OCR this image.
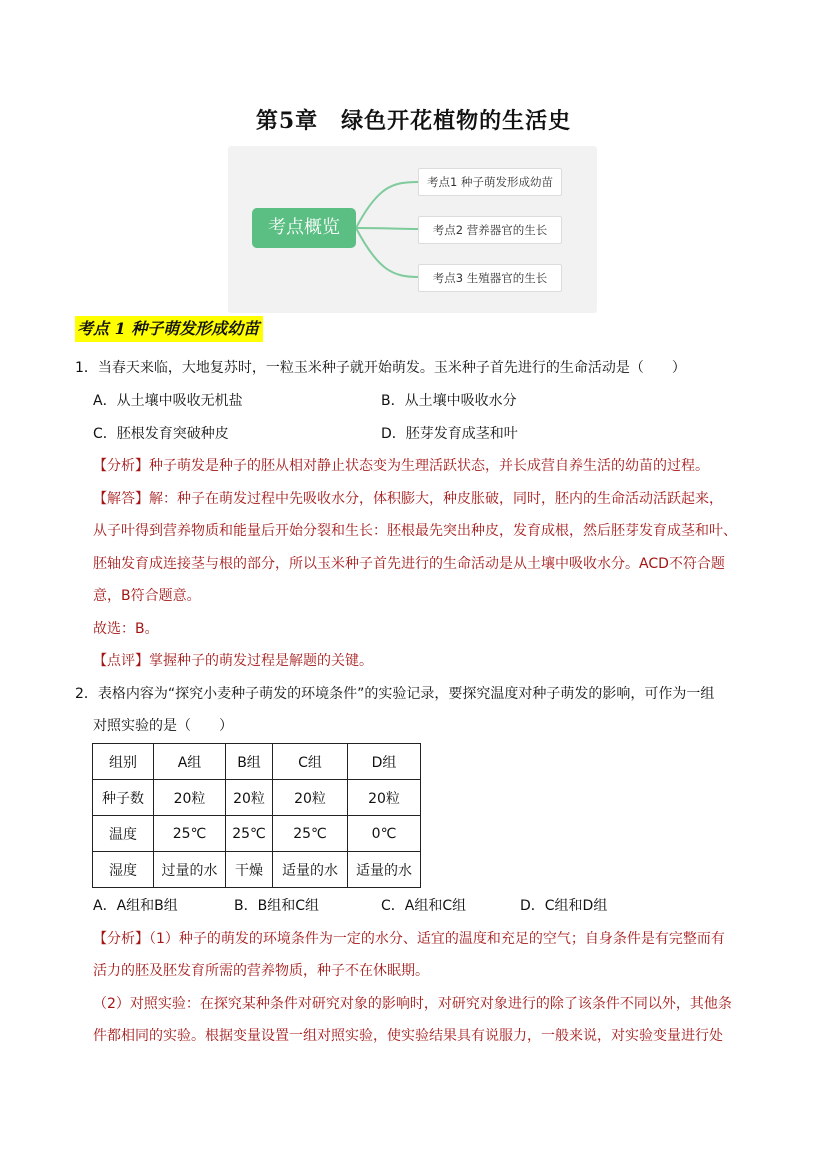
第5章　绿色开花植物的生活史
考点概览
考点1 种子萌发形成幼苗
考点2 营养器官的生长
考点3 生殖器官的生长
考点 1 种子萌发形成幼苗
1．当春天来临，大地复苏时，一粒玉米种子就开始萌发。玉米种子首先进行的生命活动是（　　）
A．从土壤中吸收无机盐	B．从土壤中吸收水分
C．胚根发育突破种皮	D．胚芽发育成茎和叶
【分析】种子萌发是种子的胚从相对静止状态变为生理活跃状态，并长成营自养生活的幼苗的过程。
【解答】解：种子在萌发过程中先吸收水分，体积膨大，种皮胀破，同时，胚内的生命活动活跃起来，
从子叶得到营养物质和能量后开始分裂和生长：胚根最先突出种皮，发育成根，然后胚芽发育成茎和叶、
胚轴发育成连接茎与根的部分，所以玉米种子首先进行的生命活动是从土壤中吸收水分。ACD不符合题
意，B符合题意。
故选：B。
【点评】掌握种子的萌发过程是解题的关键。
2．表格内容为“探究小麦种子萌发的环境条件”的实验记录，要探究温度对种子萌发的影响，可作为一组
对照实验的是（　　）
组别	A组	B组	C组	D组
种子数	20粒	20粒	20粒	20粒
温度	25℃	25℃	25℃	0℃
湿度	过量的水	干燥	适量的水	适量的水
A．A组和B组	B．B组和C组	C．A组和C组	D．C组和D组
【分析】（1）种子的萌发的环境条件为一定的水分、适宜的温度和充足的空气；自身条件是有完整而有
活力的胚及胚发育所需的营养物质，种子不在休眠期。
（2）对照实验：在探究某种条件对研究对象的影响时，对研究对象进行的除了该条件不同以外，其他条
件都相同的实验。根据变量设置一组对照实验，使实验结果具有说服力，一般来说，对实验变量进行处
